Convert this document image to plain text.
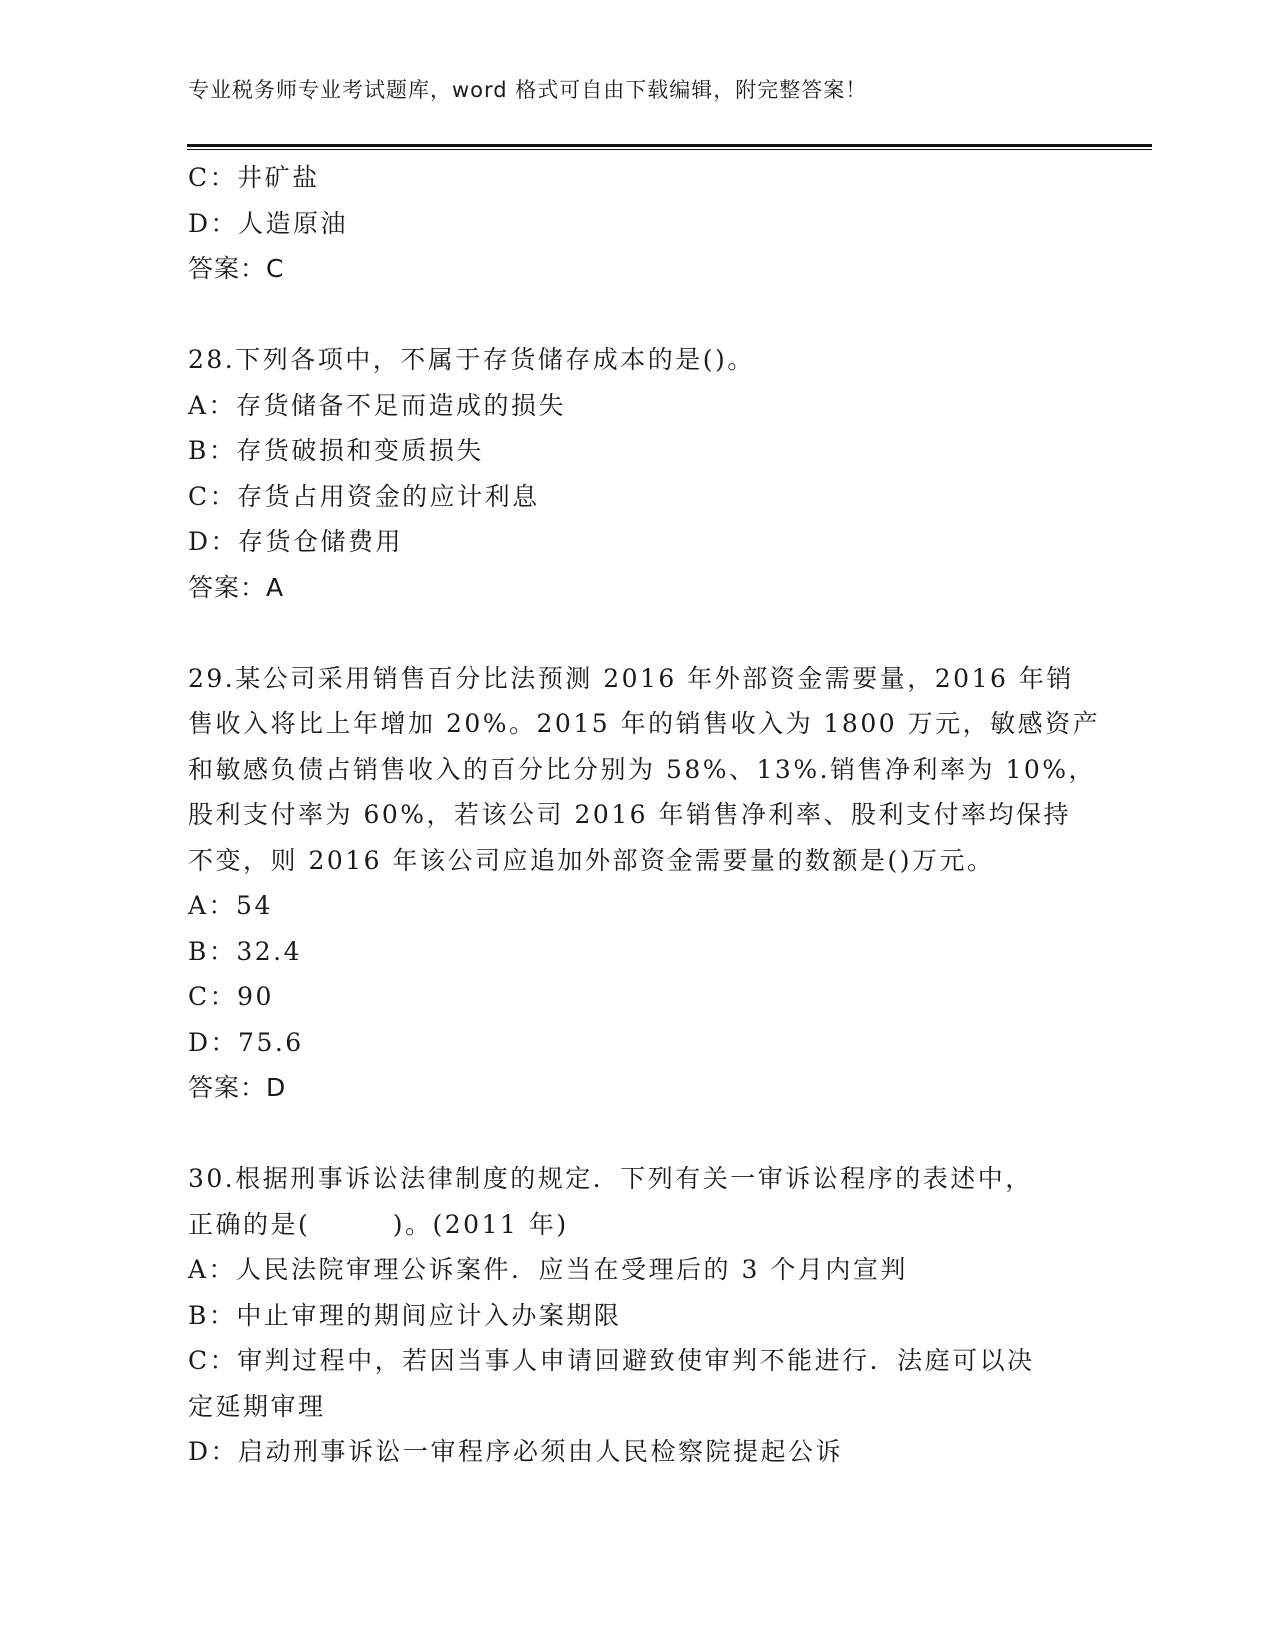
专业税务师专业考试题库，word 格式可自由下载编辑，附完整答案！
C：井矿盐
D：人造原油
答案：C
28.下列各项中，不属于存货储存成本的是()。
A：存货储备不足而造成的损失
B：存货破损和变质损失
C：存货占用资金的应计利息
D：存货仓储费用
答案：A
29.某公司采用销售百分比法预测 2016 年外部资金需要量，2016 年销
售收入将比上年增加 20%。2015 年的销售收入为 1800 万元，敏感资产
和敏感负债占销售收入的百分比分别为 58%、13%.销售净利率为 10%，
股利支付率为 60%，若该公司 2016 年销售净利率、股利支付率均保持
不变，则 2016 年该公司应追加外部资金需要量的数额是()万元。
A：54
B：32.4
C：90
D：75.6
答案：D
30.根据刑事诉讼法律制度的规定．下列有关一审诉讼程序的表述中，
正确的是(　　　)。(2011 年)
A：人民法院审理公诉案件．应当在受理后的 3 个月内宣判
B：中止审理的期间应计入办案期限
C：审判过程中，若因当事人申请回避致使审判不能进行．法庭可以决
定延期审理
D：启动刑事诉讼一审程序必须由人民检察院提起公诉
